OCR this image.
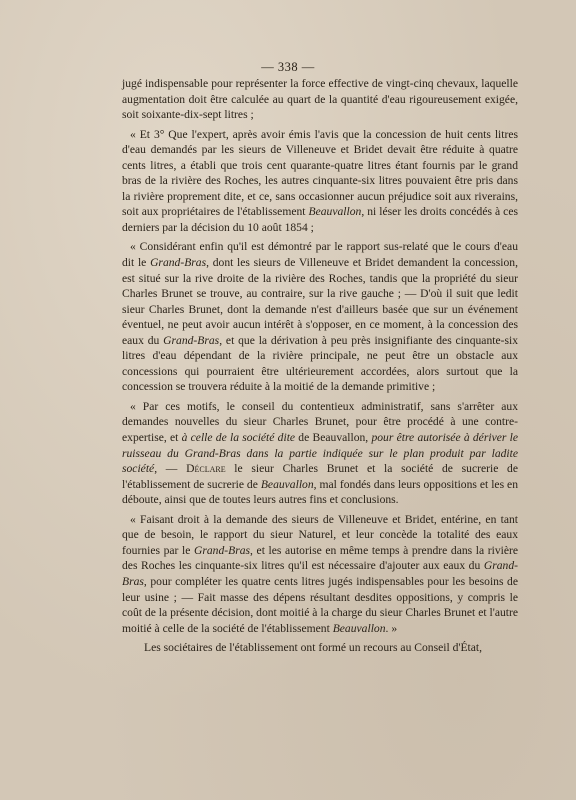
— 338 —

jugé indispensable pour représenter la force effective de vingt-cinq chevaux, laquelle augmentation doit être calculée au quart de la quantité d'eau rigoureusement exigée, soit soixante-dix-sept litres ;

« Et 3° Que l'expert, après avoir émis l'avis que la concession de huit cents litres d'eau demandés par les sieurs de Villeneuve et Bridet devait être réduite à quatre cents litres, a établi que trois cent quarante-quatre litres étant fournis par le grand bras de la rivière des Roches, les autres cinquante-six litres pouvaient être pris dans la rivière proprement dite, et ce, sans occasionner aucun préjudice soit aux riverains, soit aux propriétaires de l'établissement Beauvallon, ni léser les droits concédés à ces derniers par la décision du 10 août 1854 ;

« Considérant enfin qu'il est démontré par le rapport sus-relaté que le cours d'eau dit le Grand-Bras, dont les sieurs de Villeneuve et Bridet demandent la concession, est situé sur la rive droite de la rivière des Roches, tandis que la propriété du sieur Charles Brunet se trouve, au contraire, sur la rive gauche ; — D'où il suit que ledit sieur Charles Brunet, dont la demande n'est d'ailleurs basée que sur un événement éventuel, ne peut avoir aucun intérêt à s'opposer, en ce moment, à la concession des eaux du Grand-Bras, et que la dérivation à peu près insignifiante des cinquante-six litres d'eau dépendant de la rivière principale, ne peut être un obstacle aux concessions qui pourraient être ultérieurement accordées, alors surtout que la concession se trouvera réduite à la moitié de la demande primitive ;

« Par ces motifs, le conseil du contentieux administratif, sans s'arrêter aux demandes nouvelles du sieur Charles Brunet, pour être procédé à une contre-expertise, et à celle de la société dite de Beauvallon, pour être autorisée à dériver le ruisseau du Grand-Bras dans la partie indiquée sur le plan produit par ladite société, — Déclare le sieur Charles Brunet et la société de sucrerie de l'établissement de sucrerie de Beauvallon, mal fondés dans leurs oppositions et les en déboute, ainsi que de toutes leurs autres fins et conclusions.

« Faisant droit à la demande des sieurs de Villeneuve et Bridet, entérine, en tant que de besoin, le rapport du sieur Naturel, et leur concède la totalité des eaux fournies par le Grand-Bras, et les autorise en même temps à prendre dans la rivière des Roches les cinquante-six litres qu'il est nécessaire d'ajouter aux eaux du Grand-Bras, pour compléter les quatre cents litres jugés indispensables pour les besoins de leur usine ; — Fait masse des dépens résultant desdites oppositions, y compris le coût de la présente décision, dont moitié à la charge du sieur Charles Brunet et l'autre moitié à celle de la société de l'établissement Beauvallon. »

Les sociétaires de l'établissement ont formé un recours au Conseil d'État,
